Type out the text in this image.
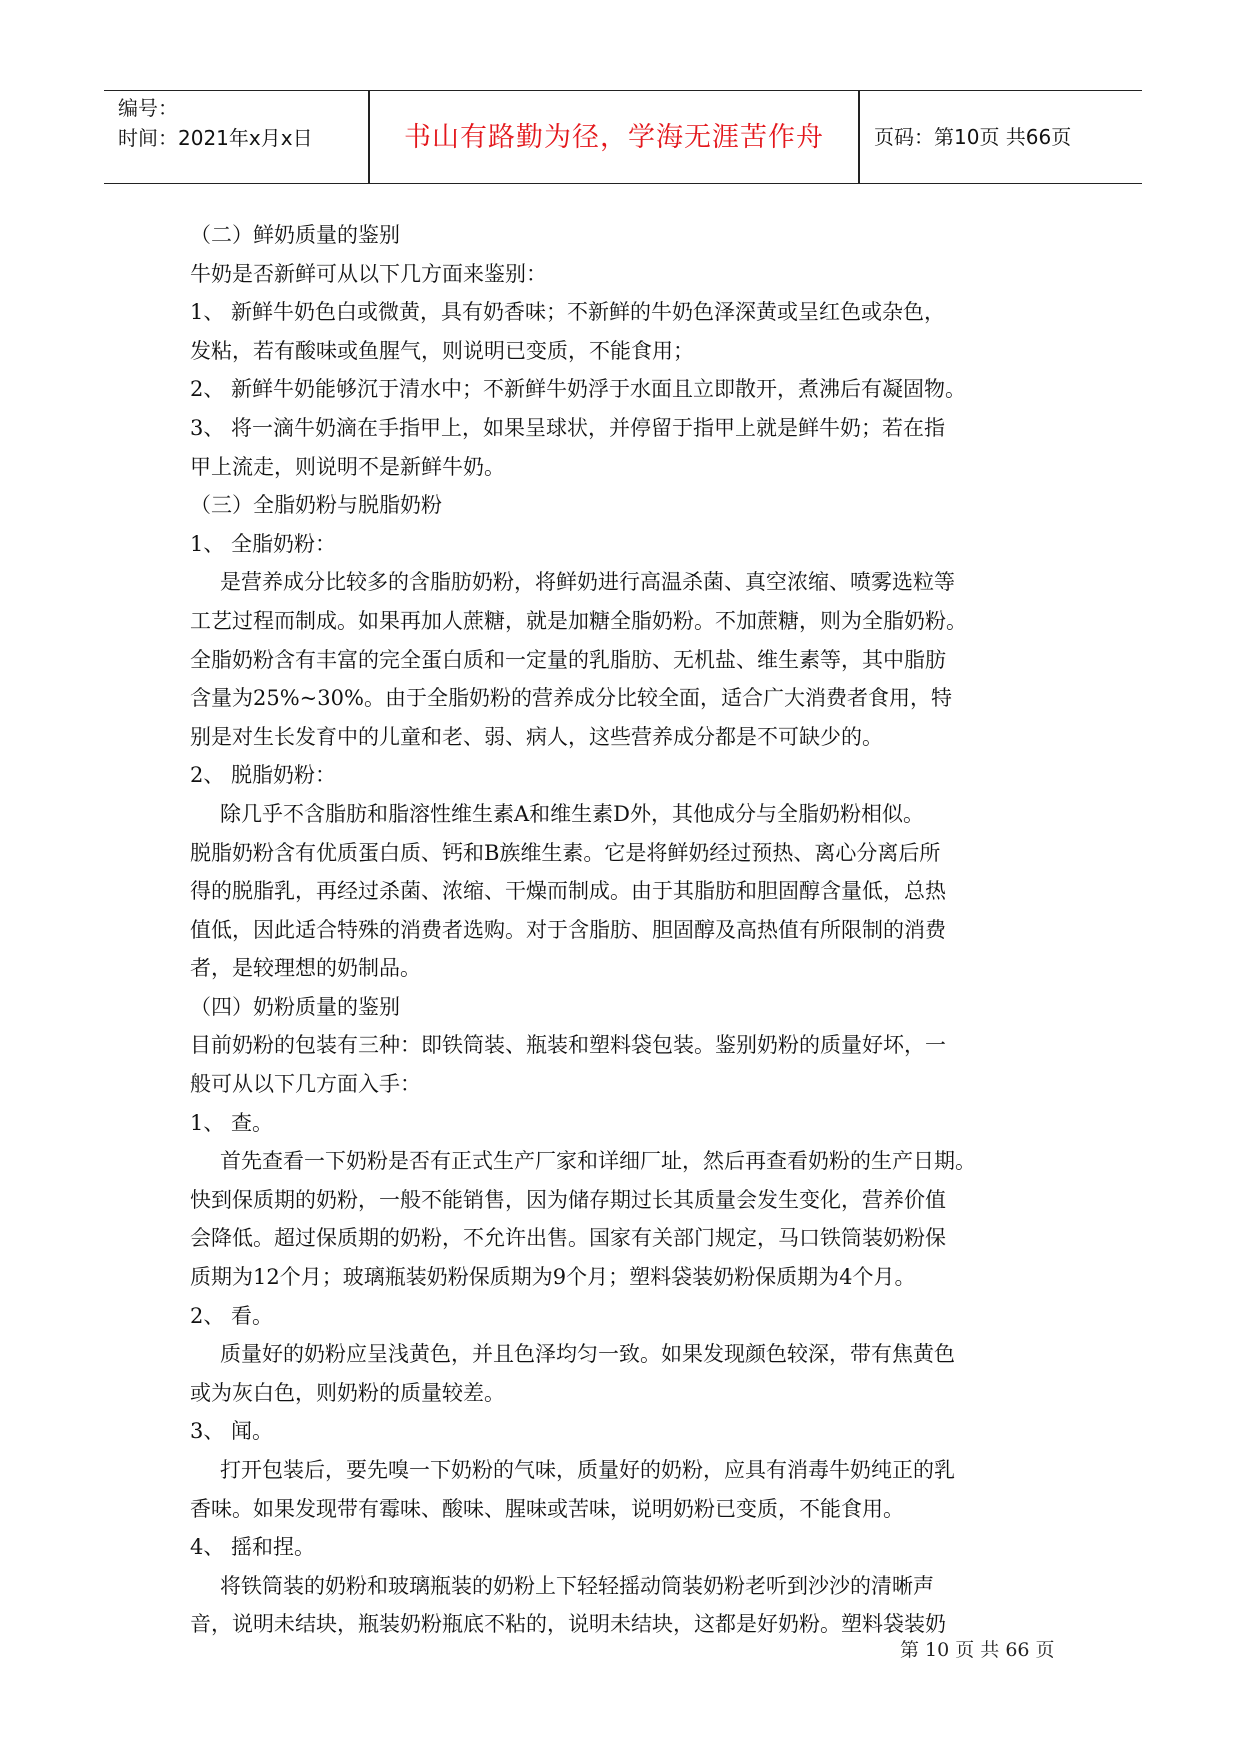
编号：
时间：2021年x月x日	书山有路勤为径，学海无涯苦作舟	页码：第10页 共66页

（二）鲜奶质量的鉴别

牛奶是否新鲜可从以下几方面来鉴别：

1、 新鲜牛奶色白或微黄，具有奶香味；不新鲜的牛奶色泽深黄或呈红色或杂色，

发粘，若有酸味或鱼腥气，则说明已变质，不能食用；

2、 新鲜牛奶能够沉于清水中；不新鲜牛奶浮于水面且立即散开，煮沸后有凝固物。

3、 将一滴牛奶滴在手指甲上，如果呈球状，并停留于指甲上就是鲜牛奶；若在指

甲上流走，则说明不是新鲜牛奶。

（三）全脂奶粉与脱脂奶粉

1、 全脂奶粉：

是营养成分比较多的含脂肪奶粉，将鲜奶进行高温杀菌、真空浓缩、喷雾选粒等

工艺过程而制成。如果再加人蔗糖，就是加糖全脂奶粉。不加蔗糖，则为全脂奶粉。

全脂奶粉含有丰富的完全蛋白质和一定量的乳脂肪、无机盐、维生素等，其中脂肪

含量为25%~30%。由于全脂奶粉的营养成分比较全面，适合广大消费者食用，特

别是对生长发育中的儿童和老、弱、病人，这些营养成分都是不可缺少的。

2、 脱脂奶粉：

除几乎不含脂肪和脂溶性维生素A和维生素D外，其他成分与全脂奶粉相似。

脱脂奶粉含有优质蛋白质、钙和B族维生素。它是将鲜奶经过预热、离心分离后所

得的脱脂乳，再经过杀菌、浓缩、干燥而制成。由于其脂肪和胆固醇含量低，总热

值低，因此适合特殊的消费者选购。对于含脂肪、胆固醇及高热值有所限制的消费

者，是较理想的奶制品。

（四）奶粉质量的鉴别

目前奶粉的包装有三种：即铁筒装、瓶装和塑料袋包装。鉴别奶粉的质量好坏，一

般可从以下几方面入手：

1、 查。

首先查看一下奶粉是否有正式生产厂家和详细厂址，然后再查看奶粉的生产日期。

快到保质期的奶粉，一般不能销售，因为储存期过长其质量会发生变化，营养价值

会降低。超过保质期的奶粉，不允许出售。国家有关部门规定，马口铁筒装奶粉保

质期为12个月；玻璃瓶装奶粉保质期为9个月；塑料袋装奶粉保质期为4个月。

2、 看。

质量好的奶粉应呈浅黄色，并且色泽均匀一致。如果发现颜色较深，带有焦黄色

或为灰白色，则奶粉的质量较差。

3、 闻。

打开包装后，要先嗅一下奶粉的气味，质量好的奶粉，应具有消毒牛奶纯正的乳

香味。如果发现带有霉味、酸味、腥味或苦味，说明奶粉已变质，不能食用。

4、 摇和捏。

将铁筒装的奶粉和玻璃瓶装的奶粉上下轻轻摇动筒装奶粉老听到沙沙的清晰声

音，说明未结块，瓶装奶粉瓶底不粘的，说明未结块，这都是好奶粉。塑料袋装奶

第 10 页 共 66 页
